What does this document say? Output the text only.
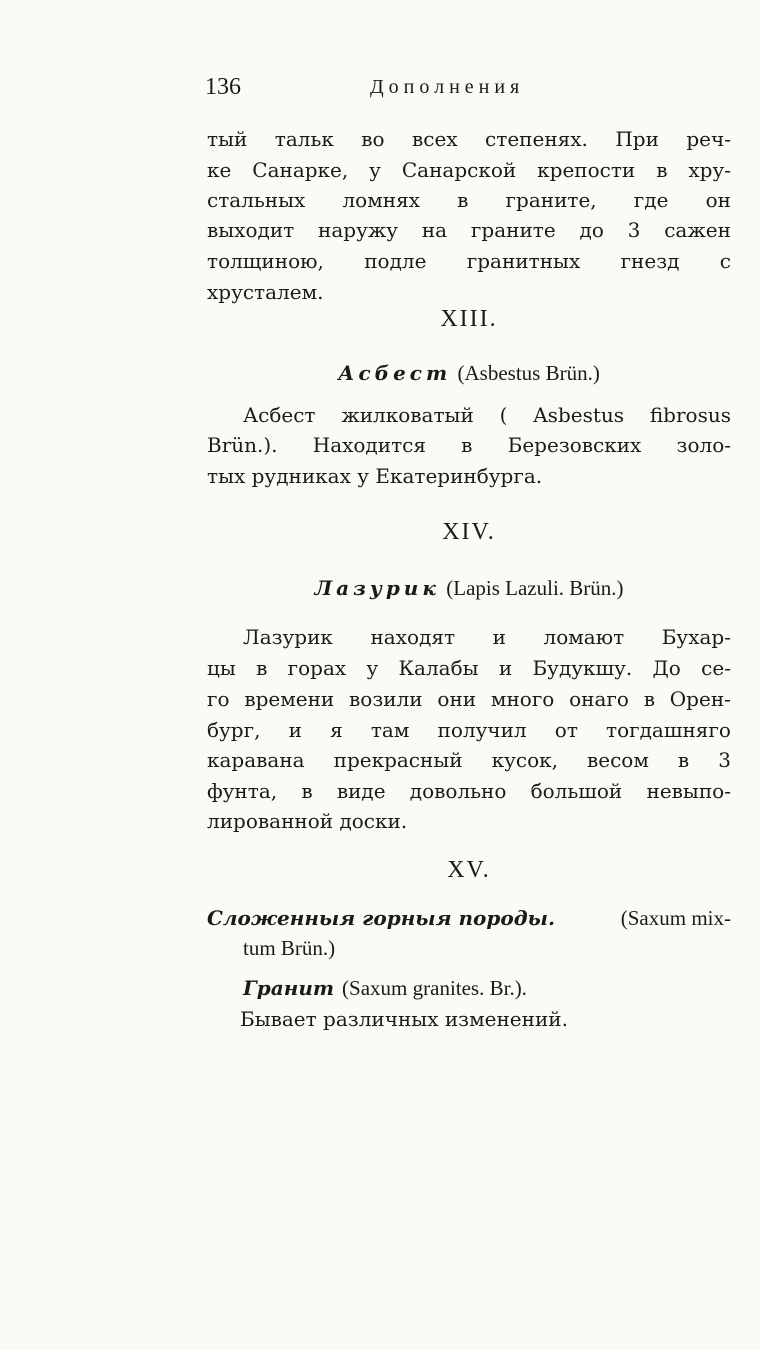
136	Дополнения
тый тальк во всех степенях. При реч-
ке Санарке, у Санарской крепости в хру-
стальных ломнях в граните, где он
выходит наружу на граните до 3 сажен
толщиною, подле гранитных гнезд с
хрусталем.
XIII.
Асбест (Asbestus Brün.)
Асбест жилковатый ( Asbestus fibrosus
Brün.). Находится в Березовских золо-
тых рудниках у Екатеринбурга.
XIV.
Лазурик (Lapis Lazuli. Brün.)
Лазурик находят и ломают Бухар-
цы в горах у Калабы и Будукшу. До се-
го времени возили они много онаго в Орен-
бург, и я там получил от тогдашняго
каравана прекрасный кусок, весом в 3
фунта, в виде довольно большой невыпо-
лированной доски.
XV.
Сложенныя горныя породы.	(Saxum mix-
tum Brün.)
Гранит (Saxum granites. Br.).
Бывает различных изменений.
